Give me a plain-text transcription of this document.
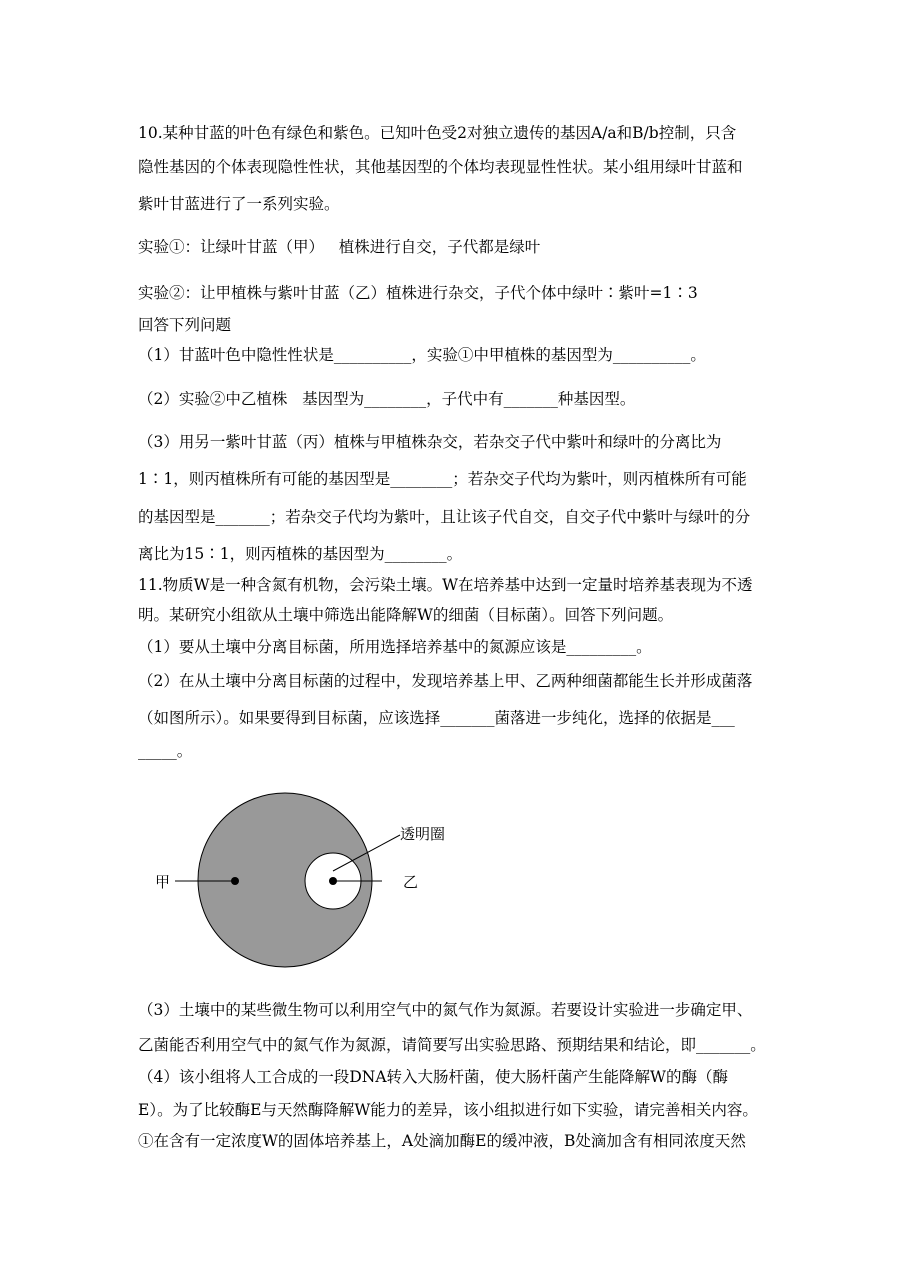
10.某种甘蓝的叶色有绿色和紫色。已知叶色受2对独立遗传的基因A/a和B/b控制，只含
隐性基因的个体表现隐性性状，其他基因型的个体均表现显性性状。某小组用绿叶甘蓝和
紫叶甘蓝进行了一系列实验。
实验①：让绿叶甘蓝（甲）   植株进行自交，子代都是绿叶
实验②：让甲植株与紫叶甘蓝（乙）植株进行杂交，子代个体中绿叶∶紫叶=1∶3
回答下列问题
（1）甘蓝叶色中隐性性状是__________，实验①中甲植株的基因型为__________。
（2）实验②中乙植株   基因型为________，子代中有_______种基因型。
（3）用另一紫叶甘蓝（丙）植株与甲植株杂交，若杂交子代中紫叶和绿叶的分离比为
1∶1，则丙植株所有可能的基因型是________；若杂交子代均为紫叶，则丙植株所有可能
的基因型是_______；若杂交子代均为紫叶，且让该子代自交，自交子代中紫叶与绿叶的分
离比为15∶1，则丙植株的基因型为________。
11.物质W是一种含氮有机物，会污染土壤。W在培养基中达到一定量时培养基表现为不透
明。某研究小组欲从土壤中筛选出能降解W的细菌（目标菌）。回答下列问题。
（1）要从土壤中分离目标菌，所用选择培养基中的氮源应该是_________。
（2）在从土壤中分离目标菌的过程中，发现培养基上甲、乙两种细菌都能生长并形成菌落
（如图所示）。如果要得到目标菌，应该选择_______菌落进一步纯化，选择的依据是___
_____。
（3）土壤中的某些微生物可以利用空气中的氮气作为氮源。若要设计实验进一步确定甲、
乙菌能否利用空气中的氮气作为氮源，请简要写出实验思路、预期结果和结论，即_______。
（4）该小组将人工合成的一段DNA转入大肠杆菌，使大肠杆菌产生能降解W的酶（酶
E）。为了比较酶E与天然酶降解W能力的差异，该小组拟进行如下实验，请完善相关内容。
①在含有一定浓度W的固体培养基上，A处滴加酶E的缓冲液，B处滴加含有相同浓度天然
甲	乙
透明圈
